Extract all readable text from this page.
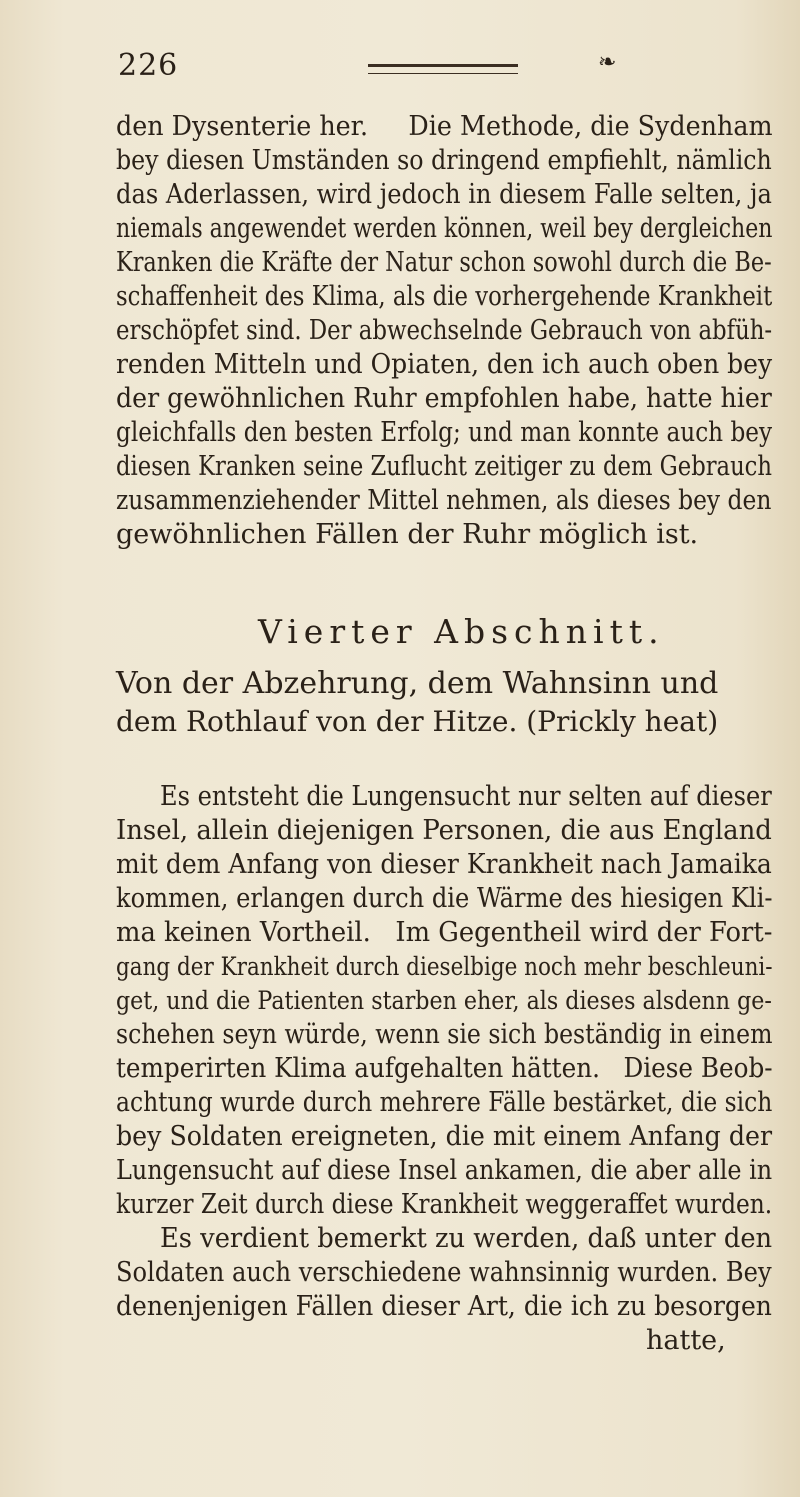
226	❧
den Dysenterie her.     Die Methode, die Sydenham
bey diesen Umständen so dringend empfiehlt, nämlich
das Aderlassen, wird jedoch in diesem Falle selten, ja
niemals angewendet werden können, weil bey dergleichen
Kranken die Kräfte der Natur schon sowohl durch die Be-
schaffenheit des Klima, als die vorhergehende Krankheit
erschöpfet sind. Der abwechselnde Gebrauch von abfüh-
renden Mitteln und Opiaten, den ich auch oben bey
der gewöhnlichen Ruhr empfohlen habe, hatte hier
gleichfalls den besten Erfolg; und man konnte auch bey
diesen Kranken seine Zuflucht zeitiger zu dem Gebrauch
zusammenziehender Mittel nehmen, als dieses bey den
gewöhnlichen Fällen der Ruhr möglich ist.
Vierter Abschnitt.
Von der Abzehrung, dem Wahnsinn und
dem Rothlauf von der Hitze. (Prickly heat)
Es entsteht die Lungensucht nur selten auf dieser
Insel, allein diejenigen Personen, die aus England
mit dem Anfang von dieser Krankheit nach Jamaika
kommen, erlangen durch die Wärme des hiesigen Kli-
ma keinen Vortheil.   Im Gegentheil wird der Fort-
gang der Krankheit durch dieselbige noch mehr beschleuni-
get, und die Patienten starben eher, als dieses alsdenn ge-
schehen seyn würde, wenn sie sich beständig in einem
temperirten Klima aufgehalten hätten.   Diese Beob-
achtung wurde durch mehrere Fälle bestärket, die sich
bey Soldaten ereigneten, die mit einem Anfang der
Lungensucht auf diese Insel ankamen, die aber alle in
kurzer Zeit durch diese Krankheit weggeraffet wurden.
Es verdient bemerkt zu werden, daß unter den
Soldaten auch verschiedene wahnsinnig wurden. Bey
denenjenigen Fällen dieser Art, die ich zu besorgen
hatte,
